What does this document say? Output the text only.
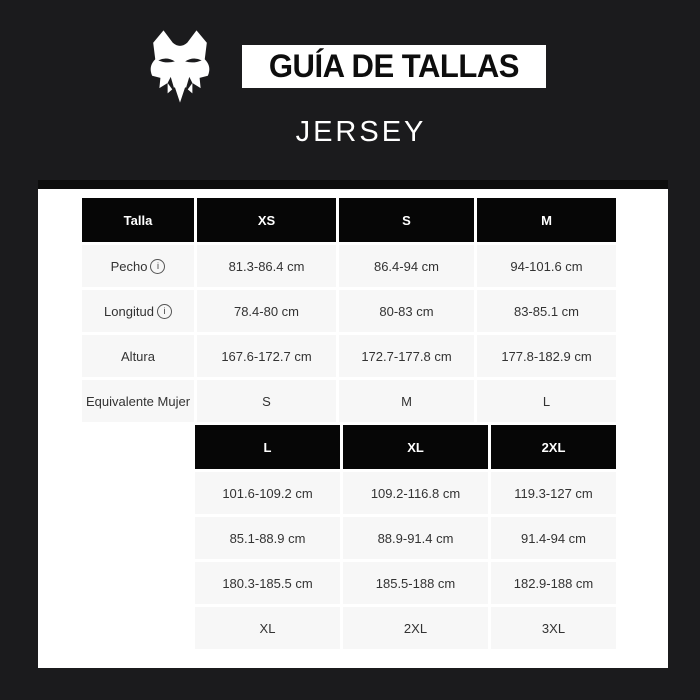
GUÍA DE TALLAS
JERSEY
Talla	XS	S	M
Pecho	i	81.3-86.4 cm	86.4-94 cm	94-101.6 cm
Longitud	i	78.4-80 cm	80-83 cm	83-85.1 cm
Altura	167.6-172.7 cm	172.7-177.8 cm	177.8-182.9 cm
Equivalente Mujer	S	M	L
L	XL	2XL
101.6-109.2 cm	109.2-116.8 cm	119.3-127 cm
85.1-88.9 cm	88.9-91.4 cm	91.4-94 cm
180.3-185.5 cm	185.5-188 cm	182.9-188 cm
XL	2XL	3XL
